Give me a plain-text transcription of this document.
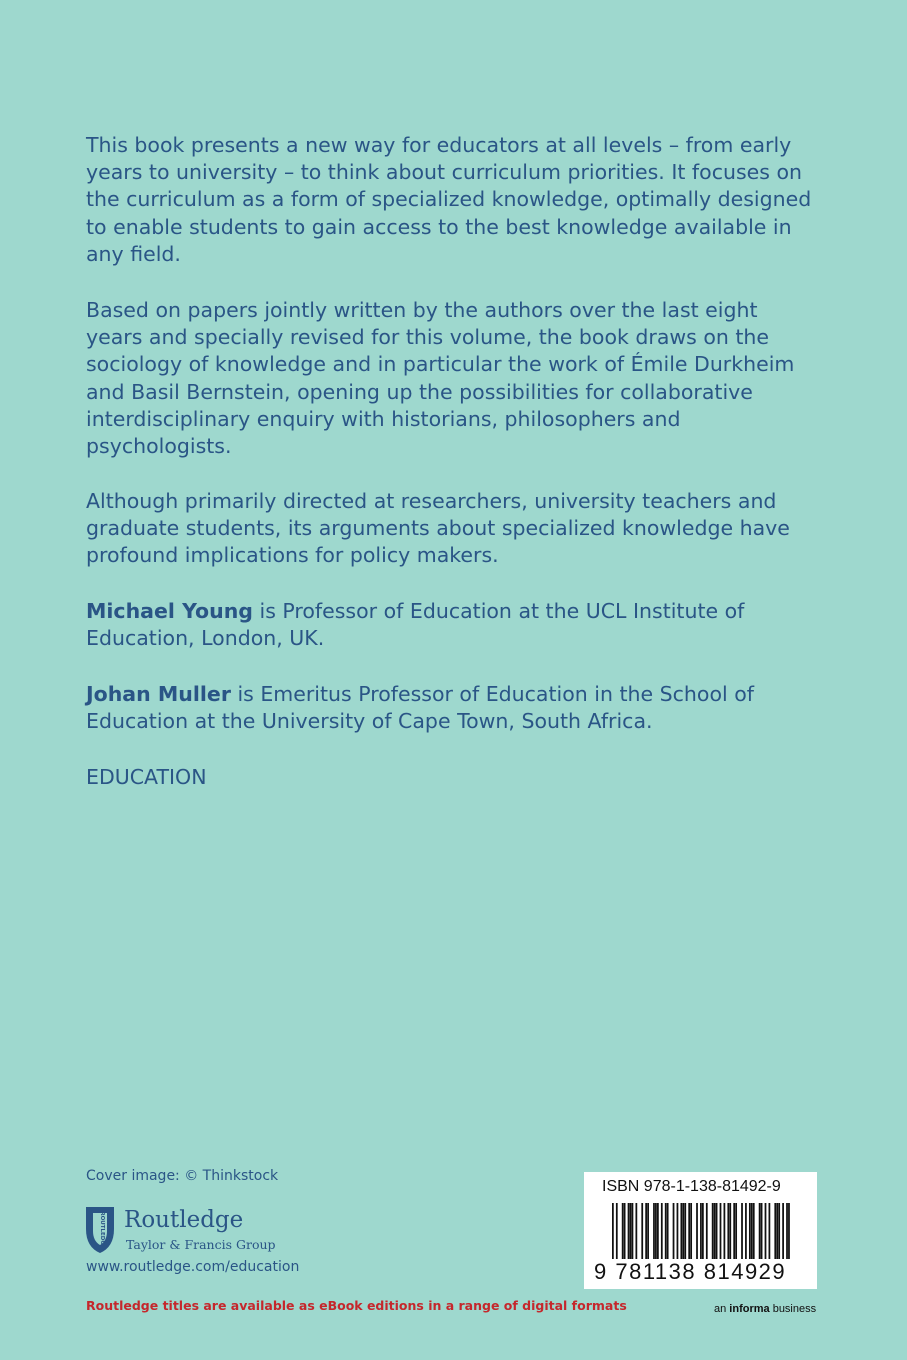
This book presents a new way for educators at all levels – from early years to university – to think about curriculum priorities. It focuses on the curriculum as a form of specialized knowledge, optimally designed to enable students to gain access to the best knowledge available in any field.

Based on papers jointly written by the authors over the last eight years and specially revised for this volume, the book draws on the sociology of knowledge and in particular the work of Émile Durkheim and Basil Bernstein, opening up the possibilities for collaborative interdisciplinary enquiry with historians, philosophers and psychologists.

Although primarily directed at researchers, university teachers and graduate students, its arguments about specialized knowledge have profound implications for policy makers.

Michael Young is Professor of Education at the UCL Institute of Education, London, UK.

Johan Muller is Emeritus Professor of Education in the School of Education at the University of Cape Town, South Africa.

EDUCATION

Cover image: © Thinkstock

ROUTLEDGE Routledge
Taylor & Francis Group

www.routledge.com/education

Routledge titles are available as eBook editions in a range of digital formats

ISBN 978-1-138-81492-9
9 781138 814929

an informa business
